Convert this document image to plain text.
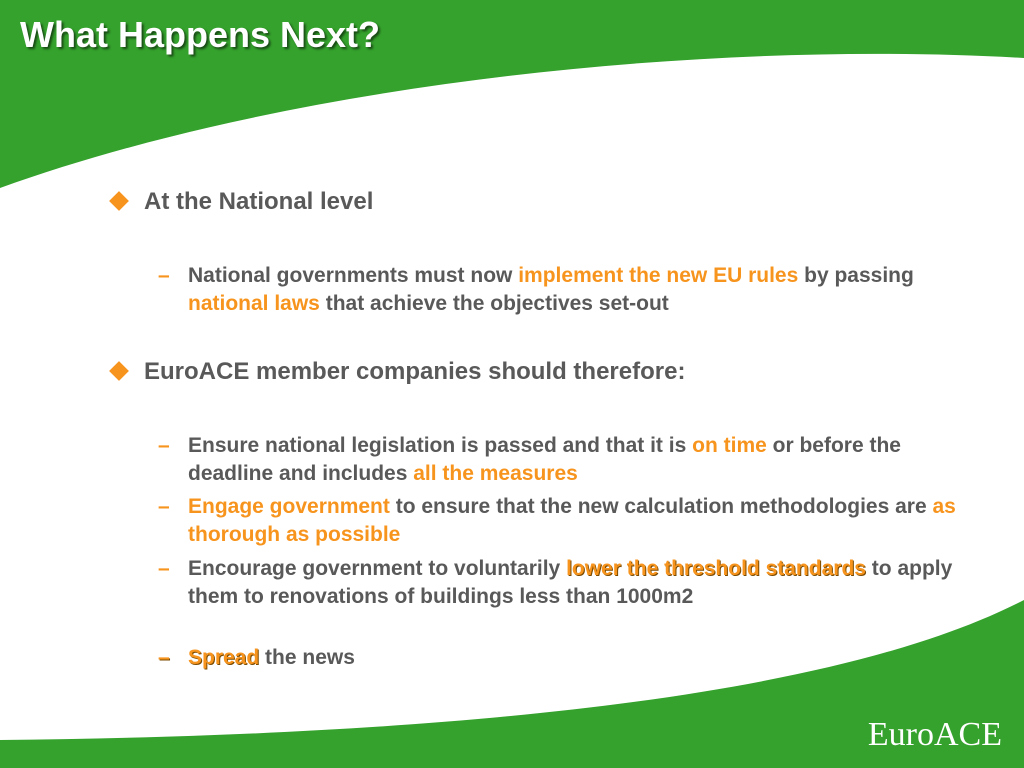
What Happens Next?
At the National level
– National governments must now implement the new EU rules by passing national laws that achieve the objectives set-out
EuroACE member companies should therefore:
– Ensure national legislation is passed and that it is on time or before the deadline and includes all the measures
– Engage government to ensure that the new calculation methodologies are as thorough as possible
– Encourage government to voluntarily lower the threshold standards to apply them to renovations of buildings less than 1000m2
– Spread the news
EuroACE
